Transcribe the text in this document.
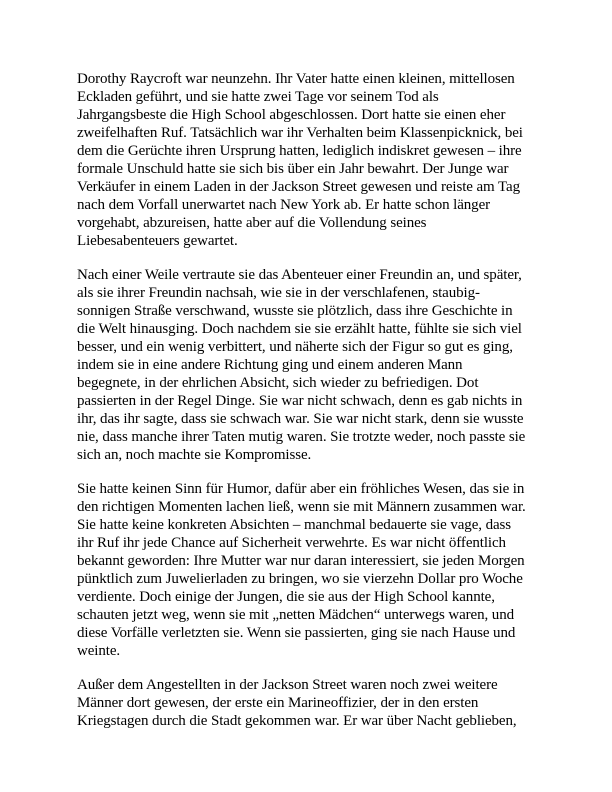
Dorothy Raycroft war neunzehn. Ihr Vater hatte einen kleinen, mittellosen
Eckladen geführt, und sie hatte zwei Tage vor seinem Tod als
Jahrgangsbeste die High School abgeschlossen. Dort hatte sie einen eher
zweifelhaften Ruf. Tatsächlich war ihr Verhalten beim Klassenpicknick, bei
dem die Gerüchte ihren Ursprung hatten, lediglich indiskret gewesen – ihre
formale Unschuld hatte sie sich bis über ein Jahr bewahrt. Der Junge war
Verkäufer in einem Laden in der Jackson Street gewesen und reiste am Tag
nach dem Vorfall unerwartet nach New York ab. Er hatte schon länger
vorgehabt, abzureisen, hatte aber auf die Vollendung seines
Liebesabenteuers gewartet.

Nach einer Weile vertraute sie das Abenteuer einer Freundin an, und später,
als sie ihrer Freundin nachsah, wie sie in der verschlafenen, staubig-
sonnigen Straße verschwand, wusste sie plötzlich, dass ihre Geschichte in
die Welt hinausging. Doch nachdem sie sie erzählt hatte, fühlte sie sich viel
besser, und ein wenig verbittert, und näherte sich der Figur so gut es ging,
indem sie in eine andere Richtung ging und einem anderen Mann
begegnete, in der ehrlichen Absicht, sich wieder zu befriedigen. Dot
passierten in der Regel Dinge. Sie war nicht schwach, denn es gab nichts in
ihr, das ihr sagte, dass sie schwach war. Sie war nicht stark, denn sie wusste
nie, dass manche ihrer Taten mutig waren. Sie trotzte weder, noch passte sie
sich an, noch machte sie Kompromisse.

Sie hatte keinen Sinn für Humor, dafür aber ein fröhliches Wesen, das sie in
den richtigen Momenten lachen ließ, wenn sie mit Männern zusammen war.
Sie hatte keine konkreten Absichten – manchmal bedauerte sie vage, dass
ihr Ruf ihr jede Chance auf Sicherheit verwehrte. Es war nicht öffentlich
bekannt geworden: Ihre Mutter war nur daran interessiert, sie jeden Morgen
pünktlich zum Juwelierladen zu bringen, wo sie vierzehn Dollar pro Woche
verdiente. Doch einige der Jungen, die sie aus der High School kannte,
schauten jetzt weg, wenn sie mit „netten Mädchen“ unterwegs waren, und
diese Vorfälle verletzten sie. Wenn sie passierten, ging sie nach Hause und
weinte.

Außer dem Angestellten in der Jackson Street waren noch zwei weitere
Männer dort gewesen, der erste ein Marineoffizier, der in den ersten
Kriegstagen durch die Stadt gekommen war. Er war über Nacht geblieben,
